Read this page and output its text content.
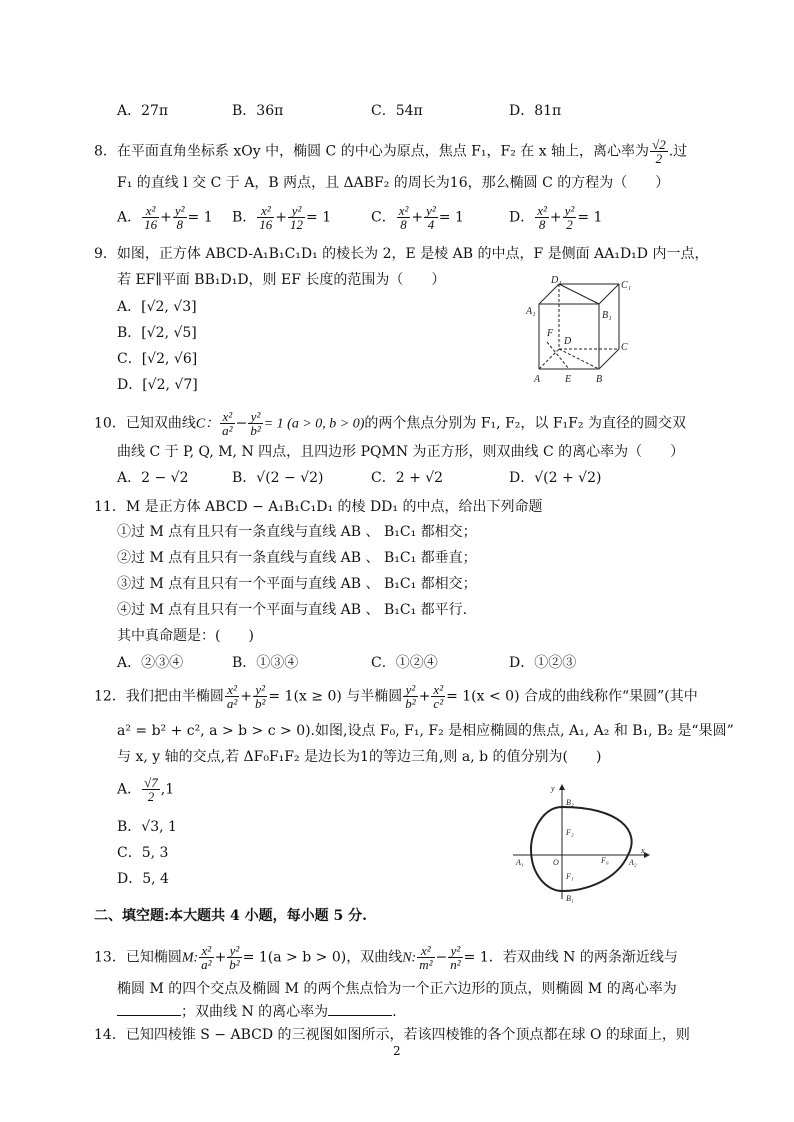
A．27π	B．36π	C．54π	D．81π
8．在平面直角坐标系 xOy 中，椭圆 C 的中心为原点，焦点 F₁，F₂ 在 x 轴上，离心率为 $\frac{√2}{2}$ .过
F₁ 的直线 l 交 C 于 A，B 两点，且 ΔABF₂ 的周长为16，那么椭圆 C 的方程为（　　）
A． $\frac{\text{x²}}{16} + \frac{\text{y²}}{8} = 1$ B． $\frac{\text{x²}}{16} + \frac{\text{y²}}{12} = 1$	C． $\frac{\text{x²}}{8} + \frac{\text{y²}}{4} = 1$	D． $\frac{\text{x²}}{8} + \frac{\text{y²}}{2} = 1$
9．如图，正方体 ABCD-A₁B₁C₁D₁ 的棱长为 2，E 是棱 AB 的中点，F 是侧面 AA₁D₁D 内一点，
若 EF∥平面 BB₁D₁D，则 EF 长度的范围为（　　）
A．[√2, √3]
B．[√2, √5]
C．[√2, √6]
D．[√2, √7]
D₁	C₁
A₁	B₁
F
D
C
A E B
10．已知双曲线C： $\frac{\text{x²}}{\text{a²}} - \frac{\text{y²}}{\text{b²}} = 1$ (a > 0, b > 0)的两个焦点分别为 F₁, F₂，以 F₁F₂ 为直径的圆交双
曲线 C 于 P, Q, M, N 四点，且四边形 PQMN 为正方形，则双曲线 C 的离心率为（　　）
A．2 − √2	B．√(2 − √2)	C．2 + √2	D．√(2 + √2)
11．M 是正方体 ABCD − A₁B₁C₁D₁ 的棱 DD₁ 的中点，给出下列命题
①过 M 点有且只有一条直线与直线 AB 、 B₁C₁ 都相交；
②过 M 点有且只有一条直线与直线 AB 、 B₁C₁ 都垂直；
③过 M 点有且只有一个平面与直线 AB 、 B₁C₁ 都相交；
④过 M 点有且只有一个平面与直线 AB 、 B₁C₁ 都平行.
其中真命题是：(　　)
A．②③④	B．①③④	C．①②④	D．①②③
12．我们把由半椭圆 $\frac{\text{x²}}{\text{a²}} + \frac{\text{y²}}{\text{b²}} = 1(x \ge 0)$ 与半椭圆 $\frac{\text{y²}}{\text{b²}} + \frac{\text{x²}}{\text{c²}} = 1(x < 0)$ 合成的曲线称作“果圆”(其中
a² = b² + c², a > b > c > 0).如图,设点 F₀, F₁, F₂ 是相应椭圆的焦点, A₁, A₂ 和 B₁, B₂ 是“果圆”
与 x, y 轴的交点,若 ΔF₀F₁F₂ 是边长为1的等边三角,则 a, b 的值分别为(　　)
A． $\frac{√7}{2} ,1$
B．√3, 1
C．5, 3
D．5, 4
y
B₂
F₂
O	F₀
A₁	A₂
x
F₁
B₁
二、填空题:本大题共 4 小题，每小题 5 分.
13．已知椭圆M: $\frac{\text{x²}}{\text{a²}} + \frac{\text{y²}}{\text{b²}} = 1(a > b > 0)$，双曲线N: $\frac{\text{x²}}{\text{m²}} - \frac{\text{y²}}{\text{n²}} = 1$．若双曲线 N 的两条渐近线与
椭圆 M 的四个交点及椭圆 M 的两个焦点恰为一个正六边形的顶点，则椭圆 M 的离心率为
；双曲线 N 的离心率为	.
14．已知四棱锥 S − ABCD 的三视图如图所示，若该四棱锥的各个顶点都在球 O 的球面上，则
2
